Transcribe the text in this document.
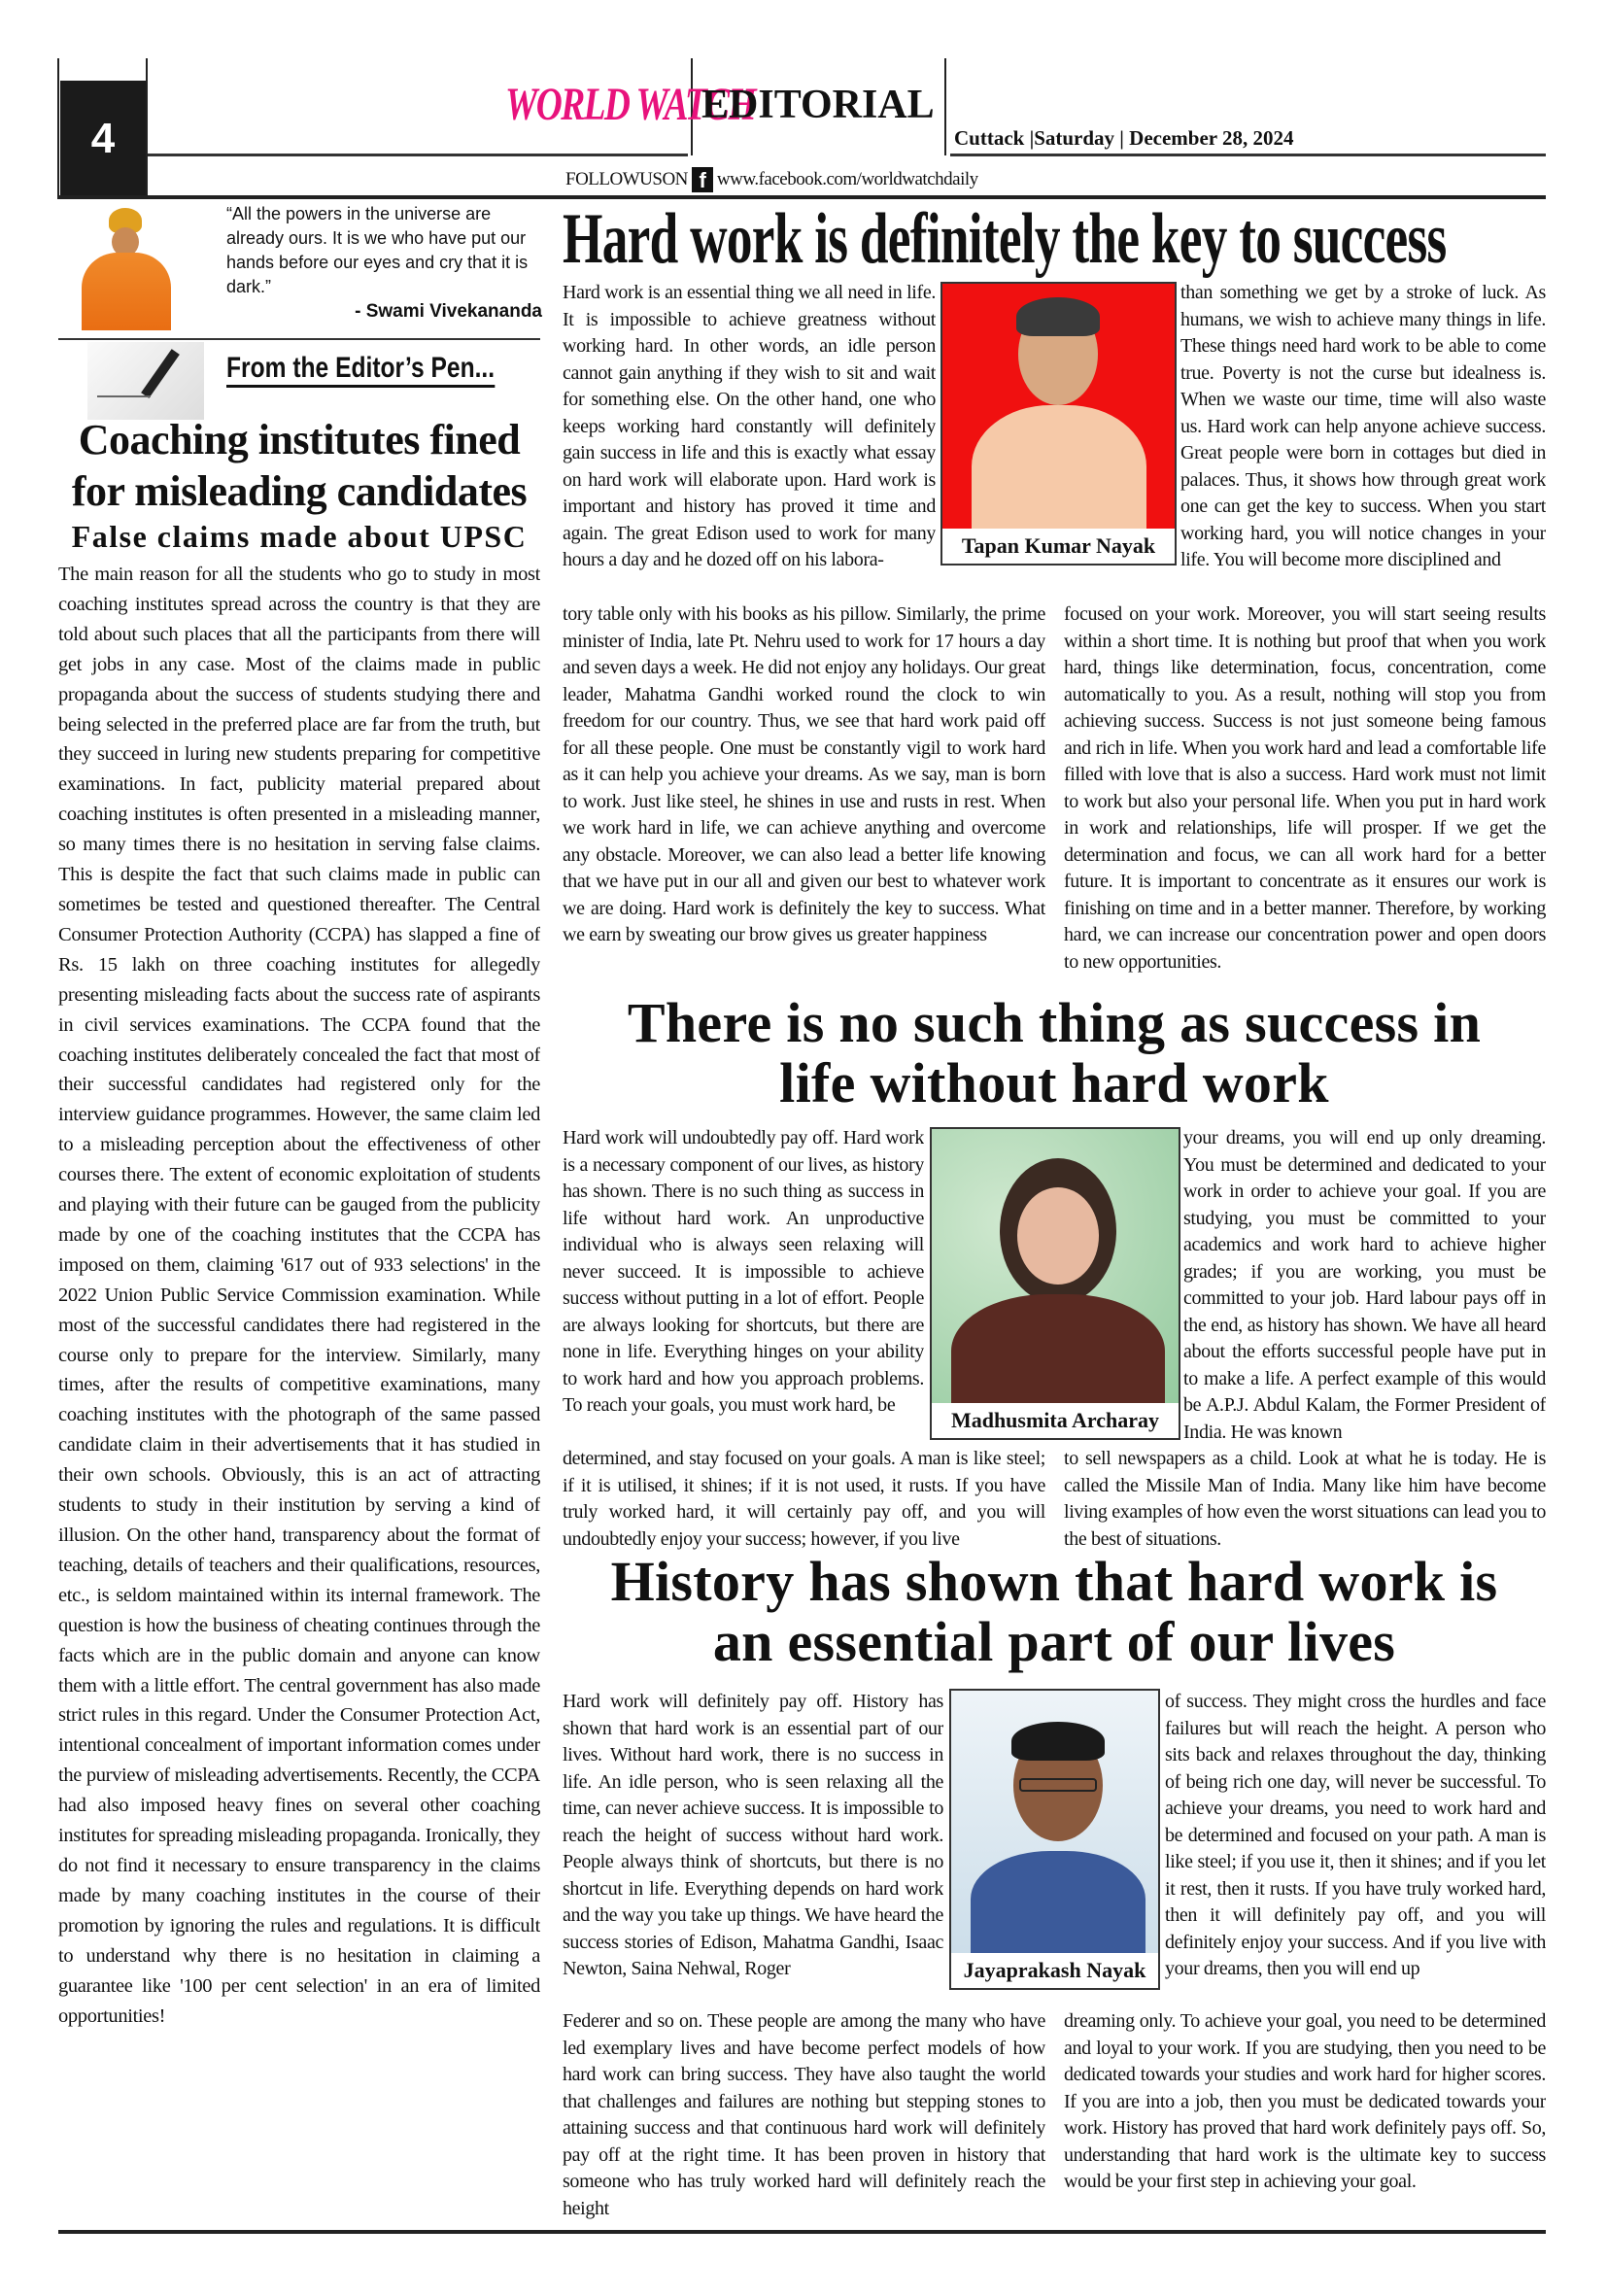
4
WORLD WATCH
EDITORIAL
Cuttack |Saturday | December 28, 2024
FOLLOWUSON f www.facebook.com/worldwatchdaily
“All the powers in the universe are already ours. It is we who have put our hands before our eyes and cry that it is dark.”
- Swami Vivekananda
From the Editor’s Pen...
Coaching institutes fined for misleading candidates
False claims made about UPSC
The main reason for all the students who go to study in most coaching institutes spread across the country is that they are told about such places that all the participants from there will get jobs in any case. Most of the claims made in public propaganda about the success of students studying there and being selected in the preferred place are far from the truth, but they succeed in luring new students preparing for competitive examinations. In fact, publicity material prepared about coaching institutes is often presented in a misleading manner, so many times there is no hesitation in serving false claims. This is despite the fact that such claims made in public can sometimes be tested and questioned thereafter. The Central Consumer Protection Authority (CCPA) has slapped a fine of Rs. 15 lakh on three coaching institutes for allegedly presenting misleading facts about the success rate of aspirants in civil services examinations. The CCPA found that the coaching institutes deliberately concealed the fact that most of their successful candidates had registered only for the interview guidance programmes. However, the same claim led to a misleading perception about the effectiveness of other courses there. The extent of economic exploitation of students and playing with their future can be gauged from the publicity made by one of the coaching institutes that the CCPA has imposed on them, claiming '617 out of 933 selections' in the 2022 Union Public Service Commission examination. While most of the successful candidates there had registered in the course only to prepare for the interview. Similarly, many times, after the results of competitive examinations, many coaching institutes with the photograph of the same passed candidate claim in their advertisements that it has studied in their own schools. Obviously, this is an act of attracting students to study in their institution by serving a kind of illusion. On the other hand, transparency about the format of teaching, details of teachers and their qualifications, resources, etc., is seldom maintained within its internal framework. The question is how the business of cheating continues through the facts which are in the public domain and anyone can know them with a little effort. The central government has also made strict rules in this regard. Under the Consumer Protection Act, intentional concealment of important information comes under the purview of misleading advertisements. Recently, the CCPA had also imposed heavy fines on several other coaching institutes for spreading misleading propaganda. Ironically, they do not find it necessary to ensure transparency in the claims made by many coaching institutes in the course of their promotion by ignoring the rules and regulations. It is difficult to understand why there is no hesitation in claiming a guarantee like '100 per cent selection' in an era of limited opportunities!
Hard work is definitely the key to success
Hard work is an essential thing we all need in life. It is impossible to achieve greatness without working hard. In other words, an idle person cannot gain anything if they wish to sit and wait for something else. On the other hand, one who keeps working hard constantly will definitely gain success in life and this is exactly what essay on hard work will elaborate upon. Hard work is important and history has proved it time and again. The great Edison used to work for many hours a day and he dozed off on his labora-
tory table only with his books as his pillow. Similarly, the prime minister of India, late Pt. Nehru used to work for 17 hours a day and seven days a week. He did not enjoy any holidays. Our great leader, Mahatma Gandhi worked round the clock to win freedom for our country. Thus, we see that hard work paid off for all these people. One must be constantly vigil to work hard as it can help you achieve your dreams. As we say, man is born to work. Just like steel, he shines in use and rusts in rest. When we work hard in life, we can achieve anything and overcome any obstacle. Moreover, we can also lead a better life knowing that we have put in our all and given our best to whatever work we are doing. Hard work is definitely the key to success. What we earn by sweating our brow gives us greater happiness
than something we get by a stroke of luck. As humans, we wish to achieve many things in life. These things need hard work to be able to come true. Poverty is not the curse but idealness is. When we waste our time, time will also waste us. Hard work can help anyone achieve success. Great people were born in cottages but died in palaces. Thus, it shows how through great work one can get the key to success. When you start working hard, you will notice changes in your life. You will become more disciplined and
focused on your work. Moreover, you will start seeing results within a short time. It is nothing but proof that when you work hard, things like determination, focus, concentration, come automatically to you. As a result, nothing will stop you from achieving success. Success is not just someone being famous and rich in life. When you work hard and lead a comfortable life filled with love that is also a success. Hard work must not limit to work but also your personal life. When you put in hard work in work and relationships, life will prosper. If we get the determination and focus, we can all work hard for a better future. It is important to concentrate as it ensures our work is finishing on time and in a better manner. Therefore, by working hard, we can increase our concentration power and open doors to new opportunities.
Tapan Kumar Nayak
There is no such thing as success in life without hard work
Hard work will undoubtedly pay off. Hard work is a necessary component of our lives, as history has shown. There is no such thing as success in life without hard work. An unproductive individual who is always seen relaxing will never succeed. It is impossible to achieve success without putting in a lot of effort. People are always looking for shortcuts, but there are none in life. Everything hinges on your ability to work hard and how you approach problems. To reach your goals, you must work hard, be
determined, and stay focused on your goals. A man is like steel; if it is utilised, it shines; if it is not used, it rusts. If you have truly worked hard, it will certainly pay off, and you will undoubtedly enjoy your success; however, if you live
your dreams, you will end up only dreaming. You must be determined and dedicated to your work in order to achieve your goal. If you are studying, you must be committed to your academics and work hard to achieve higher grades; if you are working, you must be committed to your job. Hard labour pays off in the end, as history has shown. We have all heard about the efforts successful people have put in to make a life. A perfect example of this would be A.P.J. Abdul Kalam, the Former President of India. He was known
to sell newspapers as a child. Look at what he is today. He is called the Missile Man of India. Many like him have become living examples of how even the worst situations can lead you to the best of situations.
Madhusmita Archaray
History has shown that hard work is an essential part of our lives
Hard work will definitely pay off. History has shown that hard work is an essential part of our lives. Without hard work, there is no success in life. An idle person, who is seen relaxing all the time, can never achieve success. It is impossible to reach the height of success without hard work. People always think of shortcuts, but there is no shortcut in life. Everything depends on hard work and the way you take up things. We have heard the success stories of Edison, Mahatma Gandhi, Isaac Newton, Saina Nehwal, Roger
Federer and so on. These people are among the many who have led exemplary lives and have become perfect models of how hard work can bring success. They have also taught the world that challenges and failures are nothing but stepping stones to attaining success and that continuous hard work will definitely pay off at the right time. It has been proven in history that someone who has truly worked hard will definitely reach the height
of success. They might cross the hurdles and face failures but will reach the height. A person who sits back and relaxes throughout the day, thinking of being rich one day, will never be successful. To achieve your dreams, you need to work hard and be determined and focused on your path. A man is like steel; if you use it, then it shines; and if you let it rest, then it rusts. If you have truly worked hard, then it will definitely pay off, and you will definitely enjoy your success. And if you live with your dreams, then you will end up
dreaming only. To achieve your goal, you need to be determined and loyal to your work. If you are studying, then you need to be dedicated towards your studies and work hard for higher scores. If you are into a job, then you must be dedicated towards your work. History has proved that hard work definitely pays off. So, understanding that hard work is the ultimate key to success would be your first step in achieving your goal.
Jayaprakash Nayak
